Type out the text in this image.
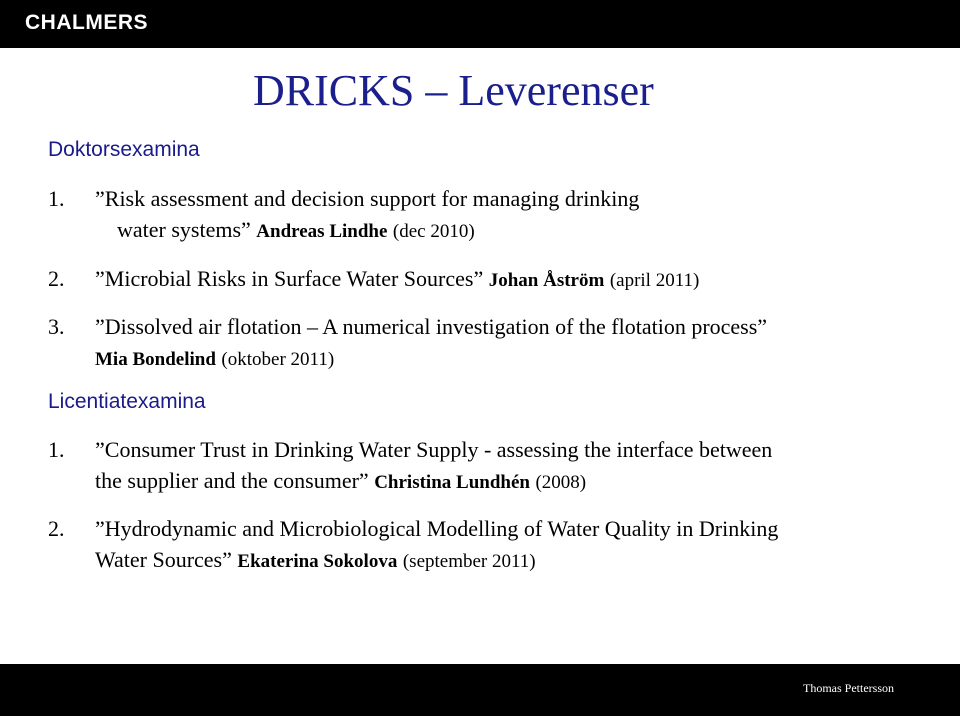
CHALMERS
DRICKS – Leverenser
Doktorsexamina
1.	”Risk assessment and decision support for managing drinking
water systems” Andreas Lindhe (dec 2010)
2.	”Microbial Risks in Surface Water Sources” Johan Åström (april 2011)
3.	”Dissolved air flotation – A numerical investigation of the flotation process”
Mia Bondelind (oktober 2011)
Licentiatexamina
1.	”Consumer Trust in Drinking Water Supply - assessing the interface between
the supplier and the consumer” Christina Lundhén (2008)
2.	”Hydrodynamic and Microbiological Modelling of Water Quality in Drinking
Water Sources” Ekaterina Sokolova (september 2011)
Thomas Pettersson
